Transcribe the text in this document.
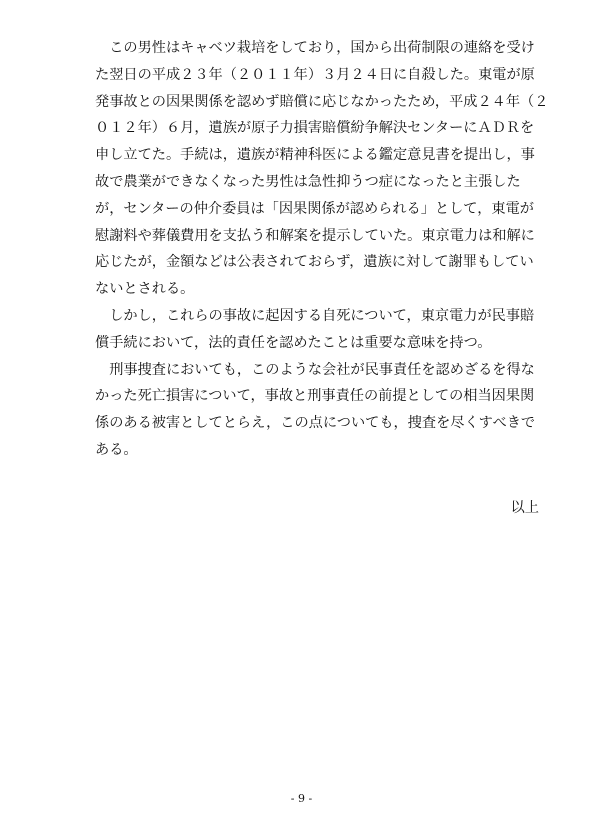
　この男性はキャベツ栽培をしており，国から出荷制限の連絡を受け
た翌日の平成２３年（２０１１年）３月２４日に自殺した。東電が原
発事故との因果関係を認めず賠償に応じなかったため，平成２４年（２
０１２年）６月，遺族が原子力損害賠償紛争解決センターにＡＤＲを
申し立てた。手続は，遺族が精神科医による鑑定意見書を提出し，事
故で農業ができなくなった男性は急性抑うつ症になったと主張した
が，センターの仲介委員は「因果関係が認められる」として，東電が
慰謝料や葬儀費用を支払う和解案を提示していた。東京電力は和解に
応じたが，金額などは公表されておらず，遺族に対して謝罪もしてい
ないとされる。
　しかし，これらの事故に起因する自死について，東京電力が民事賠
償手続において，法的責任を認めたことは重要な意味を持つ。
　刑事捜査においても，このような会社が民事責任を認めざるを得な
かった死亡損害について，事故と刑事責任の前提としての相当因果関
係のある被害としてとらえ，この点についても，捜査を尽くすべきで
ある。
以上
- 9 -
